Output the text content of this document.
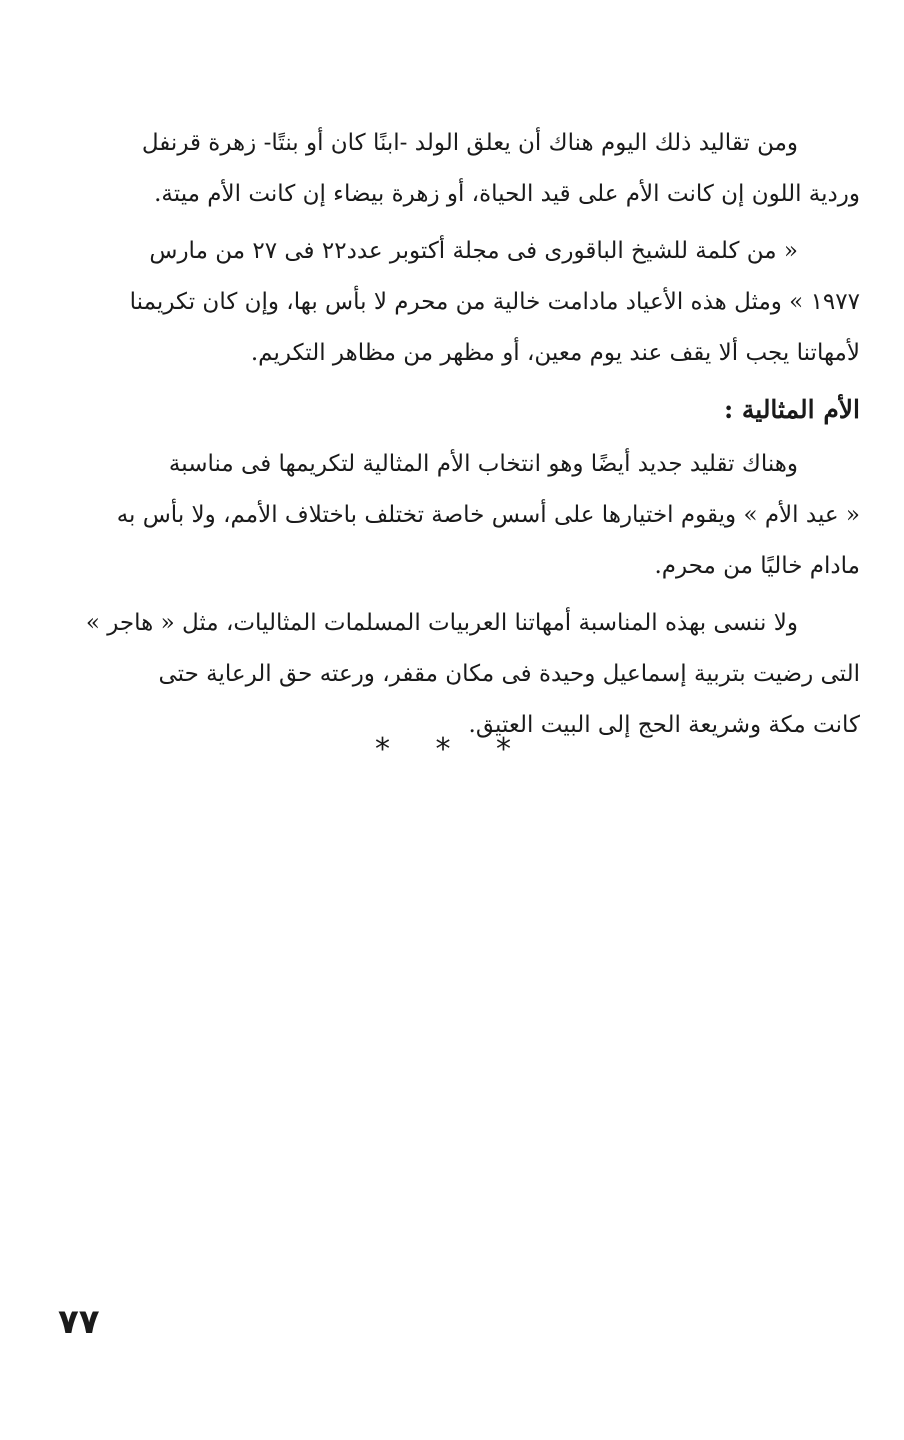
ومن تقاليد ذلك اليوم هناك أن يعلق الولد -ابنًا كان أو بنتًا- زهرة قرنفل
وردية اللون إن كانت الأم على قيد الحياة، أو زهرة بيضاء إن كانت الأم ميتة.
« من كلمة للشيخ الباقورى فى مجلة أكتوبر عدد٢٢ فى ٢٧ من مارس
١٩٧٧ » ومثل هذه الأعياد مادامت خالية من محرم لا بأس بها، وإن كان تكريمنا
لأمهاتنا يجب ألا يقف عند يوم معين، أو مظهر من مظاهر التكريم.
الأم المثالية :
وهناك تقليد جديد أيضًا وهو انتخاب الأم المثالية لتكريمها فى مناسبة
« عيد الأم » ويقوم اختيارها على أسس خاصة تختلف باختلاف الأمم، ولا بأس به
مادام خاليًا من محرم.
ولا ننسى بهذه المناسبة أمهاتنا العربيات المسلمات المثاليات، مثل « هاجر »
التى رضيت بتربية إسماعيل وحيدة فى مكان مقفر، ورعته حق الرعاية حتى
كانت مكة وشريعة الحج إلى البيت العتيق.
* * *
٧٧
